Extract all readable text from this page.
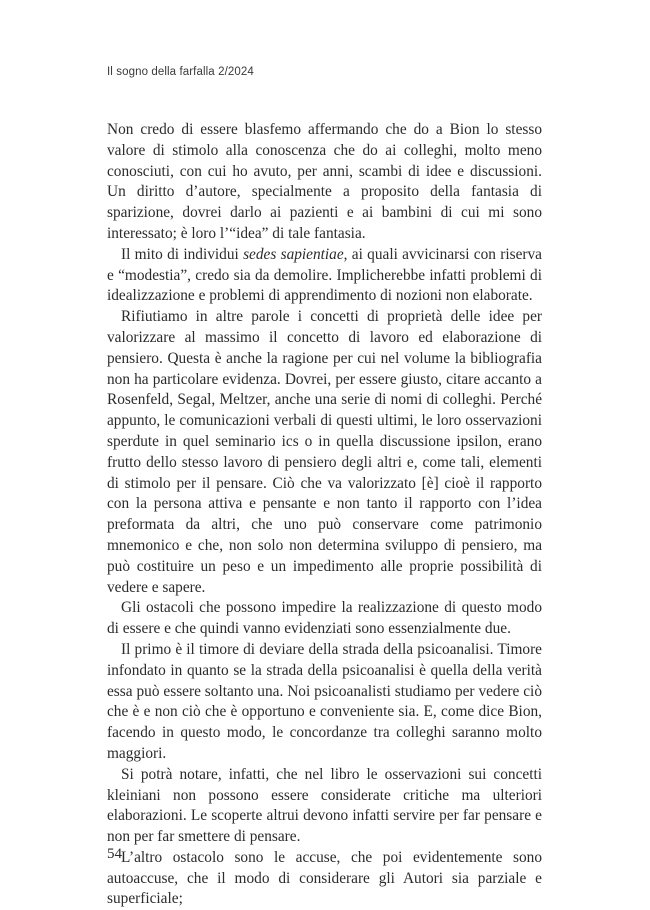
Il sogno della farfalla 2/2024

Non credo di essere blasfemo affermando che do a Bion lo stesso valore di stimolo alla conoscenza che do ai colleghi, molto meno conosciuti, con cui ho avuto, per anni, scambi di idee e discussioni. Un diritto d’autore, specialmente a proposito della fantasia di sparizione, dovrei darlo ai pazienti e ai bambini di cui mi sono interessato; è loro l’“idea” di tale fantasia.

Il mito di individui sedes sapientiae, ai quali avvicinarsi con riserva e “modestia”, credo sia da demolire. Implicherebbe infatti problemi di idealizzazione e problemi di apprendimento di nozioni non elaborate.

Rifiutiamo in altre parole i concetti di proprietà delle idee per valorizzare al massimo il concetto di lavoro ed elaborazione di pensiero. Questa è anche la ragione per cui nel volume la bibliografia non ha particolare evidenza. Dovrei, per essere giusto, citare accanto a Rosenfeld, Segal, Meltzer, anche una serie di nomi di colleghi. Perché appunto, le comunicazioni verbali di questi ultimi, le loro osservazioni sperdute in quel seminario ics o in quella discussione ipsilon, erano frutto dello stesso lavoro di pensiero degli altri e, come tali, elementi di stimolo per il pensare. Ciò che va valorizzato [è] cioè il rapporto con la persona attiva e pensante e non tanto il rapporto con l’idea preformata da altri, che uno può conservare come patrimonio mnemonico e che, non solo non determina sviluppo di pensiero, ma può costituire un peso e un impedimento alle proprie possibilità di vedere e sapere.

Gli ostacoli che possono impedire la realizzazione di questo modo di essere e che quindi vanno evidenziati sono essenzialmente due.

Il primo è il timore di deviare della strada della psicoanalisi. Timore infondato in quanto se la strada della psicoanalisi è quella della verità essa può essere soltanto una. Noi psicoanalisti studiamo per vedere ciò che è e non ciò che è opportuno e conveniente sia. E, come dice Bion, facendo in questo modo, le concordanze tra colleghi saranno molto maggiori.

Si potrà notare, infatti, che nel libro le osservazioni sui concetti kleiniani non possono essere considerate critiche ma ulteriori elaborazioni. Le scoperte altrui devono infatti servire per far pensare e non per far smettere di pensare.

L’altro ostacolo sono le accuse, che poi evidentemente sono autoaccuse, che il modo di considerare gli Autori sia parziale e superficiale;

54
